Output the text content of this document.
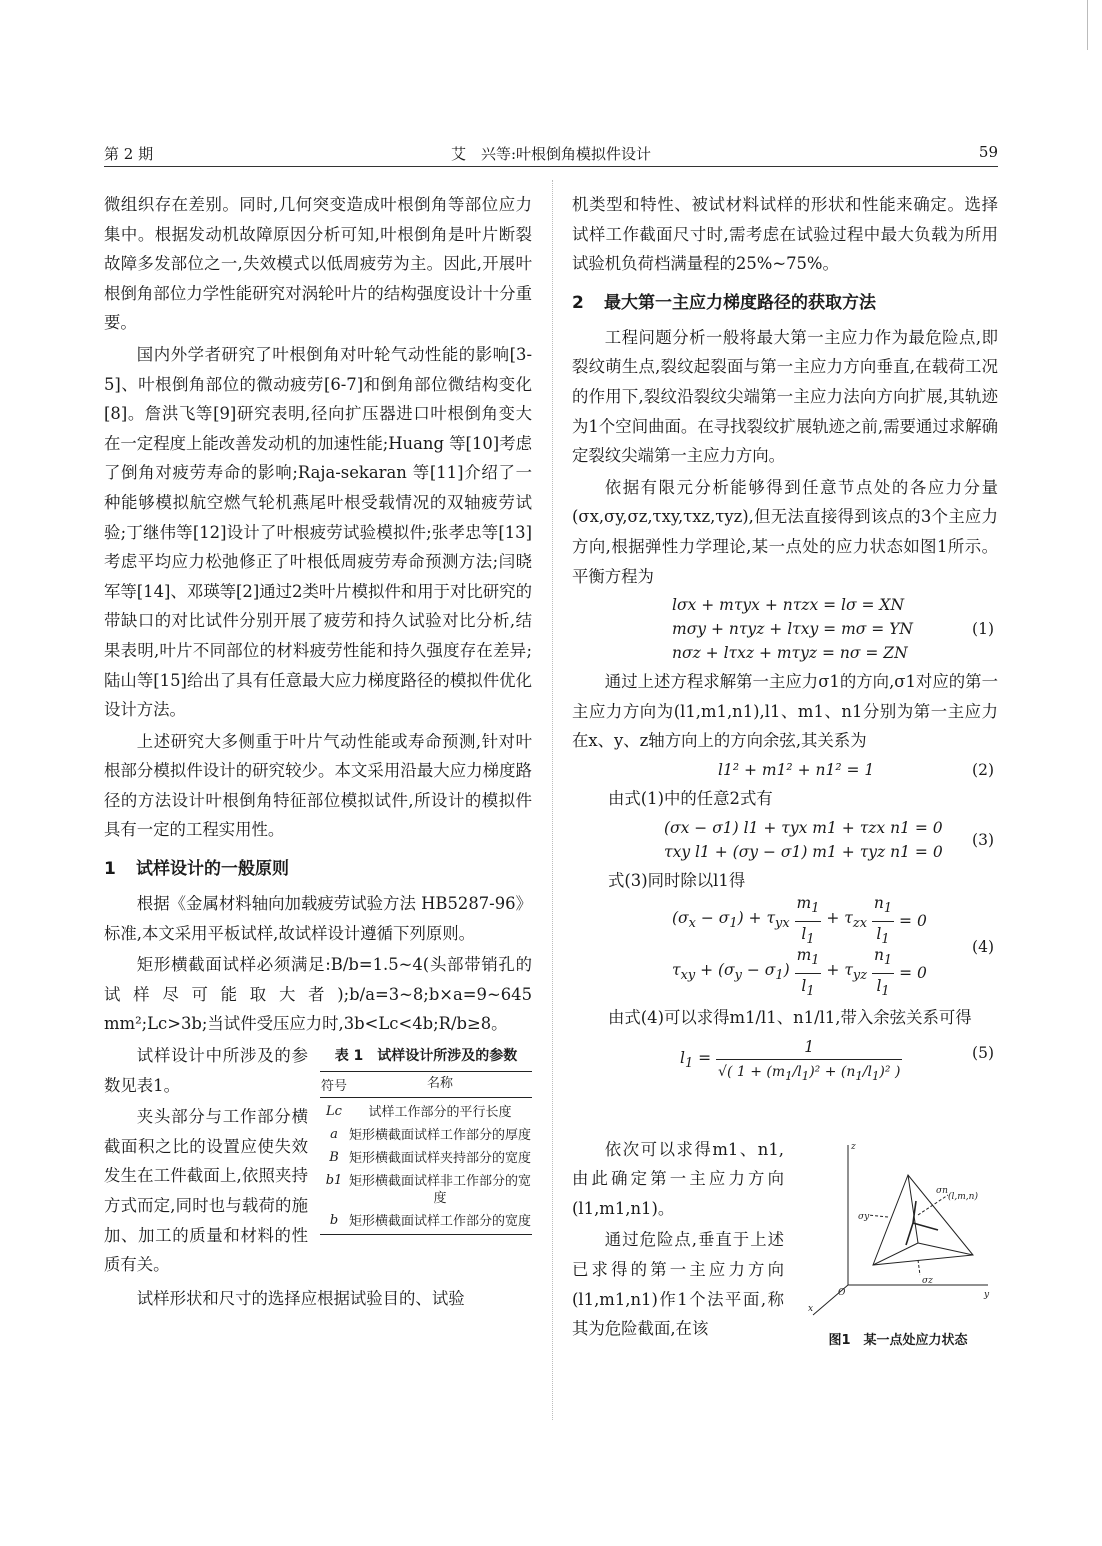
第 2 期	艾　兴等:叶根倒角模拟件设计	59

微组织存在差别。同时,几何突变造成叶根倒角等部位应力集中。根据发动机故障原因分析可知,叶根倒角是叶片断裂故障多发部位之一,失效模式以低周疲劳为主。因此,开展叶根倒角部位力学性能研究对涡轮叶片的结构强度设计十分重要。

国内外学者研究了叶根倒角对叶轮气动性能的影响[3-5]、叶根倒角部位的微动疲劳[6-7]和倒角部位微结构变化[8]。詹洪飞等[9]研究表明,径向扩压器进口叶根倒角变大在一定程度上能改善发动机的加速性能;Huang 等[10]考虑了倒角对疲劳寿命的影响;Raja-sekaran 等[11]介绍了一种能够模拟航空燃气轮机燕尾叶根受载情况的双轴疲劳试验;丁继伟等[12]设计了叶根疲劳试验模拟件;张孝忠等[13]考虑平均应力松弛修正了叶根低周疲劳寿命预测方法;闫晓军等[14]、邓瑛等[2]通过2类叶片模拟件和用于对比研究的带缺口的对比试件分别开展了疲劳和持久试验对比分析,结果表明,叶片不同部位的材料疲劳性能和持久强度存在差异;陆山等[15]给出了具有任意最大应力梯度路径的模拟件优化设计方法。

上述研究大多侧重于叶片气动性能或寿命预测,针对叶根部分模拟件设计的研究较少。本文采用沿最大应力梯度路径的方法设计叶根倒角特征部位模拟试件,所设计的模拟件具有一定的工程实用性。

1 试样设计的一般原则

根据《金属材料轴向加载疲劳试验方法 HB5287-96》标准,本文采用平板试样,故试样设计遵循下列原则。

矩形横截面试样必须满足:B/b=1.5~4(头部带销孔的试样尽可能取大者);b/a=3~8;b×a=9~645 mm²;Lc>3b;当试件受压应力时,3b<Lc<4b;R/b≥8。

试样设计中所涉及的参数见表1。

夹头部分与工作部分横截面积之比的设置应使失效发生在工件截面上,依照夹持方式而定,同时也与载荷的施加、加工的质量和材料的性质有关。

表 1　试样设计所涉及的参数
符号	名称
Lc	试样工作部分的平行长度
a 矩形横截面试样工作部分的厚度
B 矩形横截面试样夹持部分的宽度
b1 矩形横截面试样非工作部分的宽度
b 矩形横截面试样工作部分的宽度

试样形状和尺寸的选择应根据试验目的、试验

机类型和特性、被试材料试样的形状和性能来确定。选择试样工作截面尺寸时,需考虑在试验过程中最大负载为所用试验机负荷档满量程的25%~75%。

2 最大第一主应力梯度路径的获取方法

工程问题分析一般将最大第一主应力作为最危险点,即裂纹萌生点,裂纹起裂面与第一主应力方向垂直,在载荷工况的作用下,裂纹沿裂纹尖端第一主应力法向方向扩展,其轨迹为1个空间曲面。在寻找裂纹扩展轨迹之前,需要通过求解确定裂纹尖端第一主应力方向。

依据有限元分析能够得到任意节点处的各应力分量(σx,σy,σz,τxy,τxz,τyz),但无法直接得到该点的3个主应力方向,根据弹性力学理论,某一点处的应力状态如图1所示。平衡方程为

lσx + mτyx + nτzx = lσ = XN
mσy + nτyz + lτxy = mσ = YN
nσz + lτxz + mτyz = nσ = ZN
(1)

通过上述方程求解第一主应力σ1的方向,σ1对应的第一主应力方向为(l1,m1,n1),l1、m1、n1分别为第一主应力在x、y、z轴方向上的方向余弦,其关系为

l1² + m1² + n1² = 1	(2)

由式(1)中的任意2式有

(σx − σ1) l1 + τyx m1 + τzx n1 = 0
τxy l1 + (σy − σ1) m1 + τyz n1 = 0
(3)

式(3)同时除以l1得

$(\sigma_x - \sigma_1) + \tau_{yx} \frac{m_1}{l_1} + \tau_{zx} \frac{n_1}{l_1} = 0$
$\tau_{xy} + (\sigma_y - \sigma_1) \frac{m_1}{l_1} + \tau_{yz} \frac{n_1}{l_1} = 0$
(4)

由式(4)可以求得m1/l1、n1/l1,带入余弦关系可得

$l_1 = \frac{1}{√( 1 + (m_1/l_1)^2 + (n_1/l_1)^2 )}$	(5)

依次可以求得m1、n1,由此确定第一主应力方向(l1,m1,n1)。

通过危险点,垂直于上述已求得的第一主应力方向(l1,m1,n1)作1个法平面,称其为危险截面,在该

z
y
x
O
(l,m,n)
σy
σn
σz
图1　某一点处应力状态
